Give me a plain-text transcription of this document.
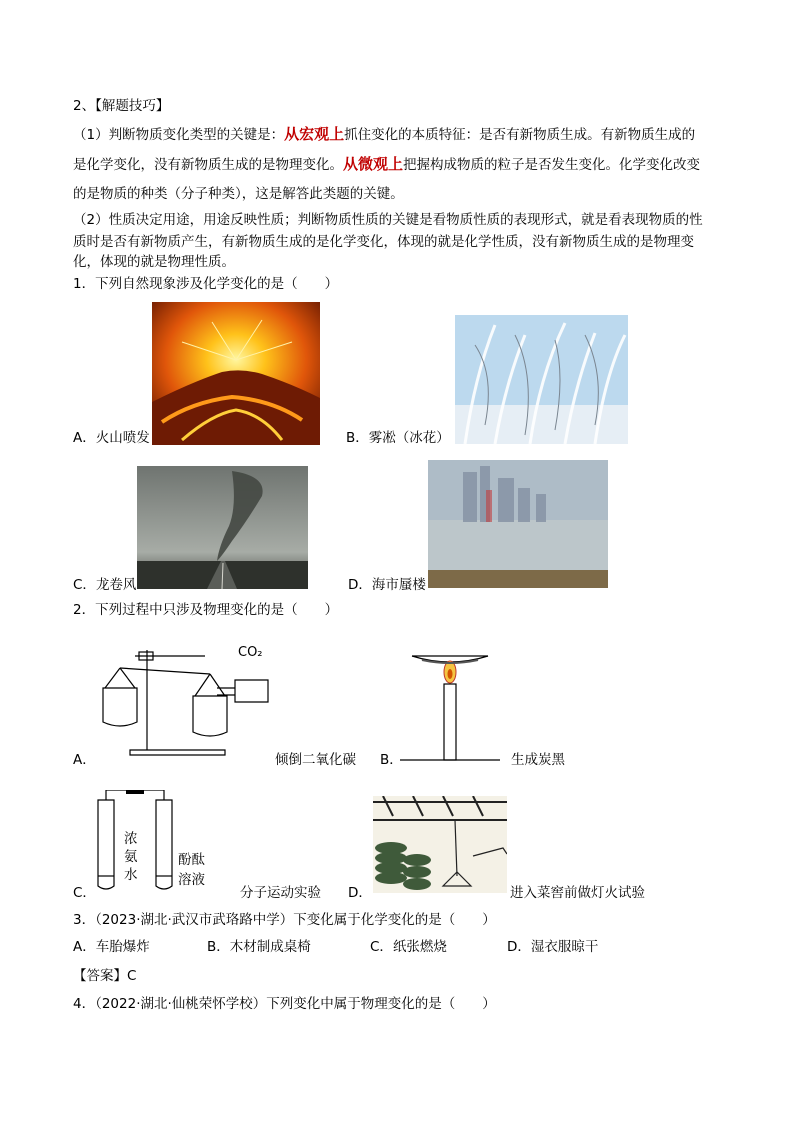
2、【解题技巧】
（1）判断物质变化类型的关键是：从宏观上抓住变化的本质特征：是否有新物质生成。有新物质生成的
是化学变化，没有新物质生成的是物理变化。从微观上把握构成物质的粒子是否发生变化。化学变化改变
的是物质的种类（分子种类），这是解答此类题的关键。
（2）性质决定用途，用途反映性质；判断物质性质的关键是看物质性质的表现形式，就是看表现物质的性
质时是否有新物质产生，有新物质生成的是化学变化，体现的就是化学性质，没有新物质生成的是物理变
化，体现的就是物理性质。
1．下列自然现象涉及化学变化的是（　　）
A．火山喷发	B．雾凇（冰花）
C．龙卷风	D．海市蜃楼
2．下列过程中只涉及物理变化的是（　　）
CO₂
A．	倾倒二氧化碳 B．	生成炭黑
浓
氨
水
酚酞
溶液
C．	分子运动实验 D．	进入菜窖前做灯火试验
3．（2023·湖北·武汉市武珞路中学）下变化属于化学变化的是（　　）
A．车胎爆炸	B．木材制成桌椅	C．纸张燃烧	D．湿衣服晾干
【答案】C
4．（2022·湖北·仙桃荣怀学校）下列变化中属于物理变化的是（　　）
